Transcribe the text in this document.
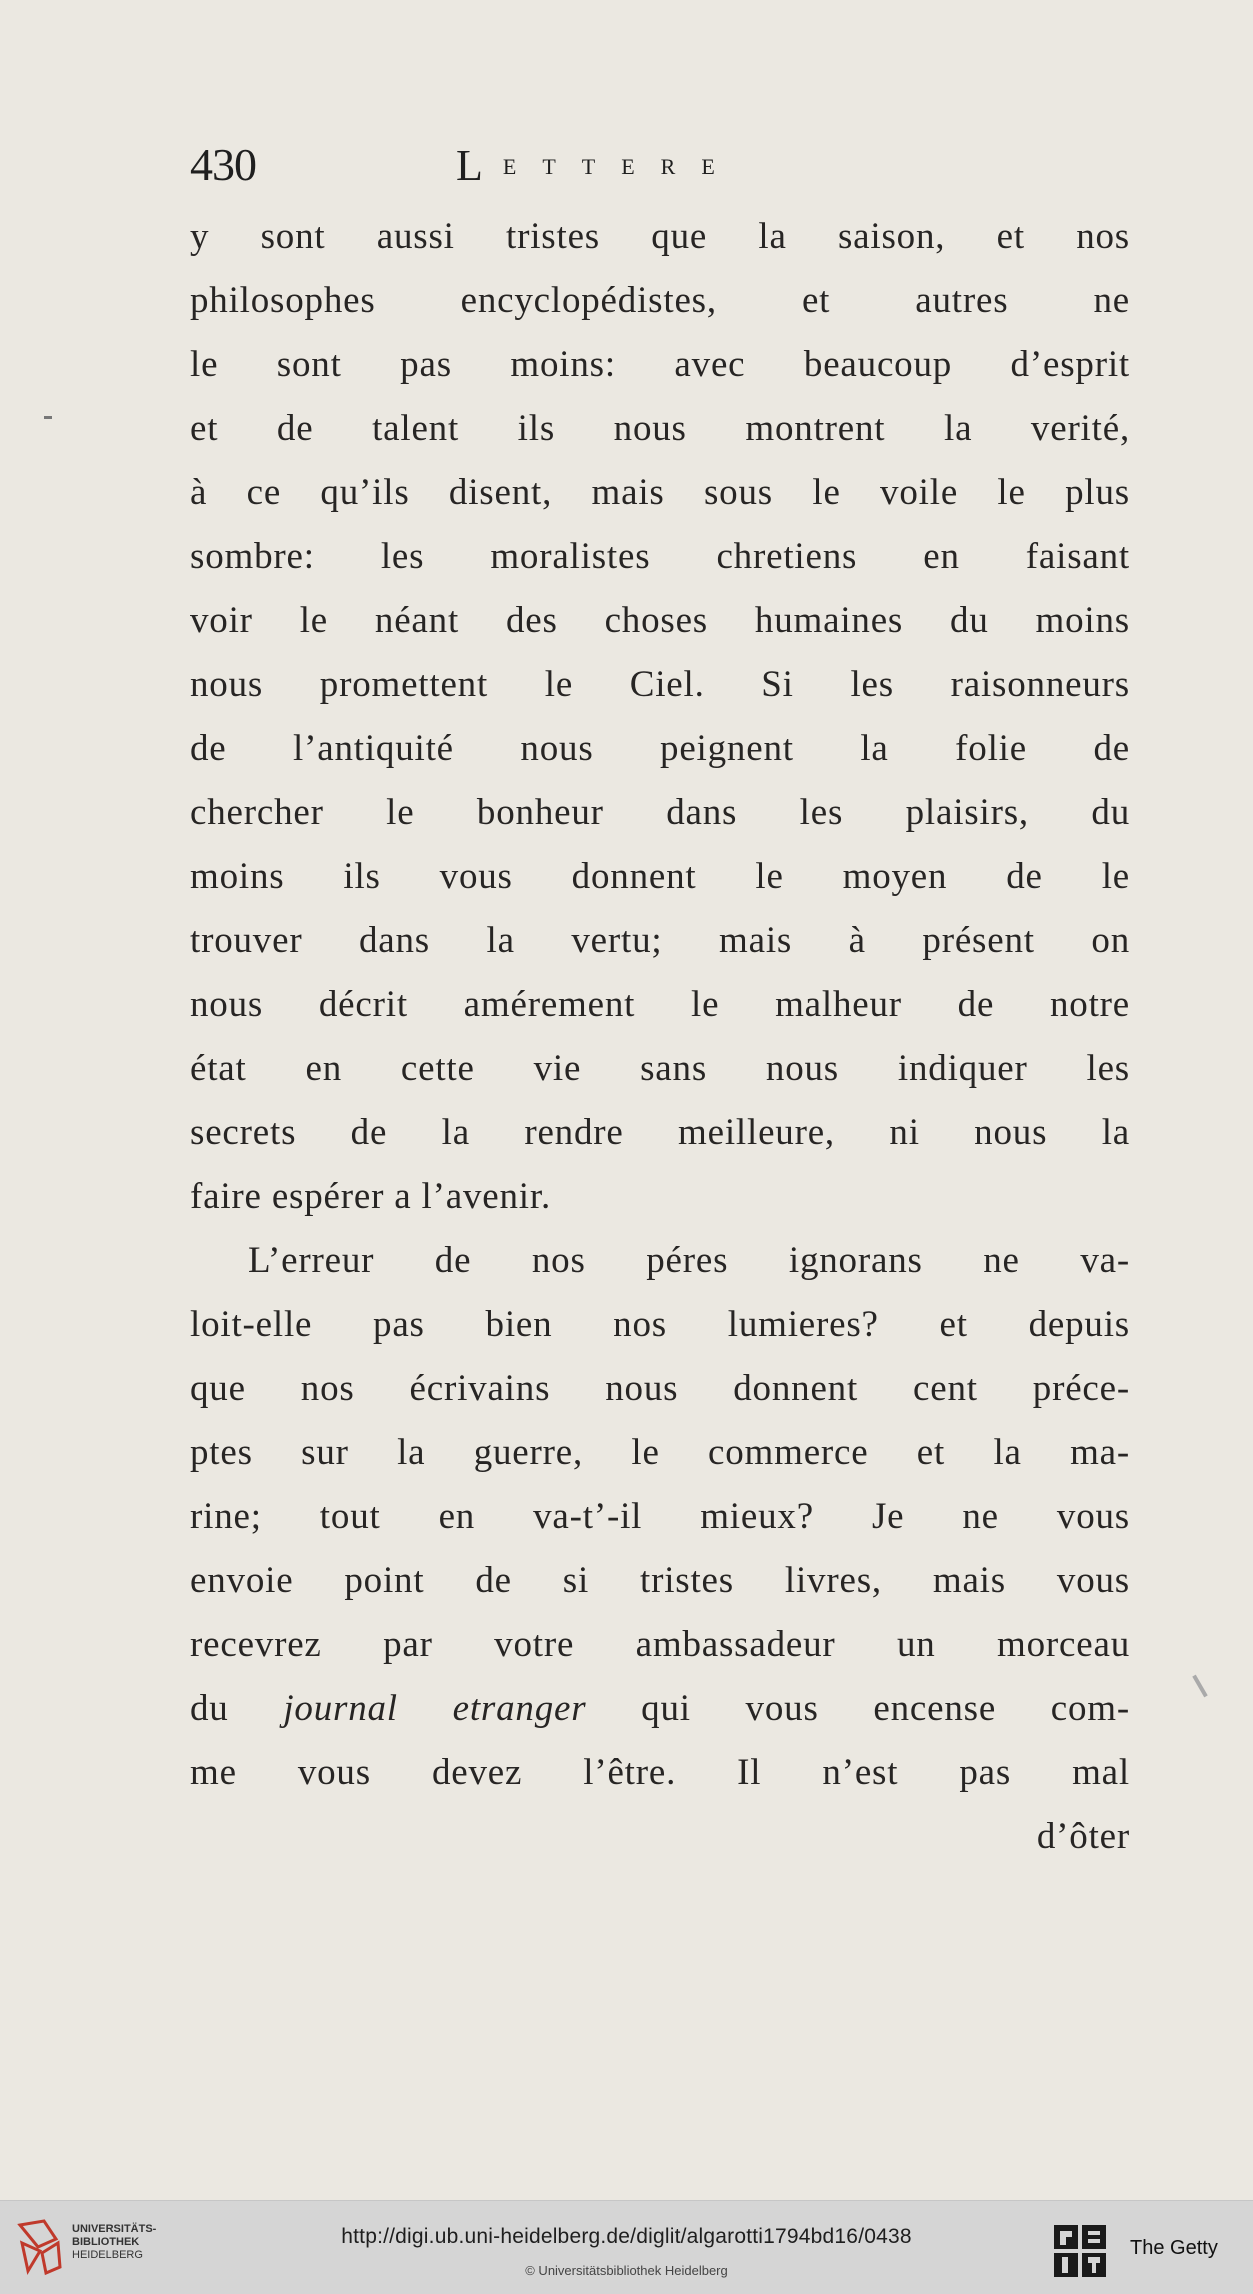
430	LETTERE
y sont aussi tristes que la saison, et nos
philosophes encyclopédistes, et autres ne
le sont pas moins: avec beaucoup d’esprit
et de talent ils nous montrent la verité,
à ce qu’ils disent, mais sous le voile le plus
sombre: les moralistes chretiens en faisant
voir le néant des choses humaines du moins
nous promettent le Ciel. Si les raisonneurs
de l’antiquité nous peignent la folie de
chercher le bonheur dans les plaisirs, du
moins ils vous donnent le moyen de le
trouver dans la vertu; mais à présent on
nous décrit amérement le malheur de notre
état en cette vie sans nous indiquer les
secrets de la rendre meilleure, ni nous la
faire espérer a l’avenir.
L’erreur de nos péres ignorans ne va-
loit-elle pas bien nos lumieres? et depuis
que nos écrivains nous donnent cent préce-
ptes sur la guerre, le commerce et la ma-
rine; tout en va-t’-il mieux? Je ne vous
envoie point de si tristes livres, mais vous
recevrez par votre ambassadeur un morceau
du journal etranger qui vous encense com-
me vous devez l’être. Il n’est pas mal
d’ôter
UNIVERSITÄTS-
BIBLIOTHEK
HEIDELBERG
http://digi.ub.uni-heidelberg.de/diglit/algarotti1794bd16/0438
© Universitätsbibliothek Heidelberg
The Getty
